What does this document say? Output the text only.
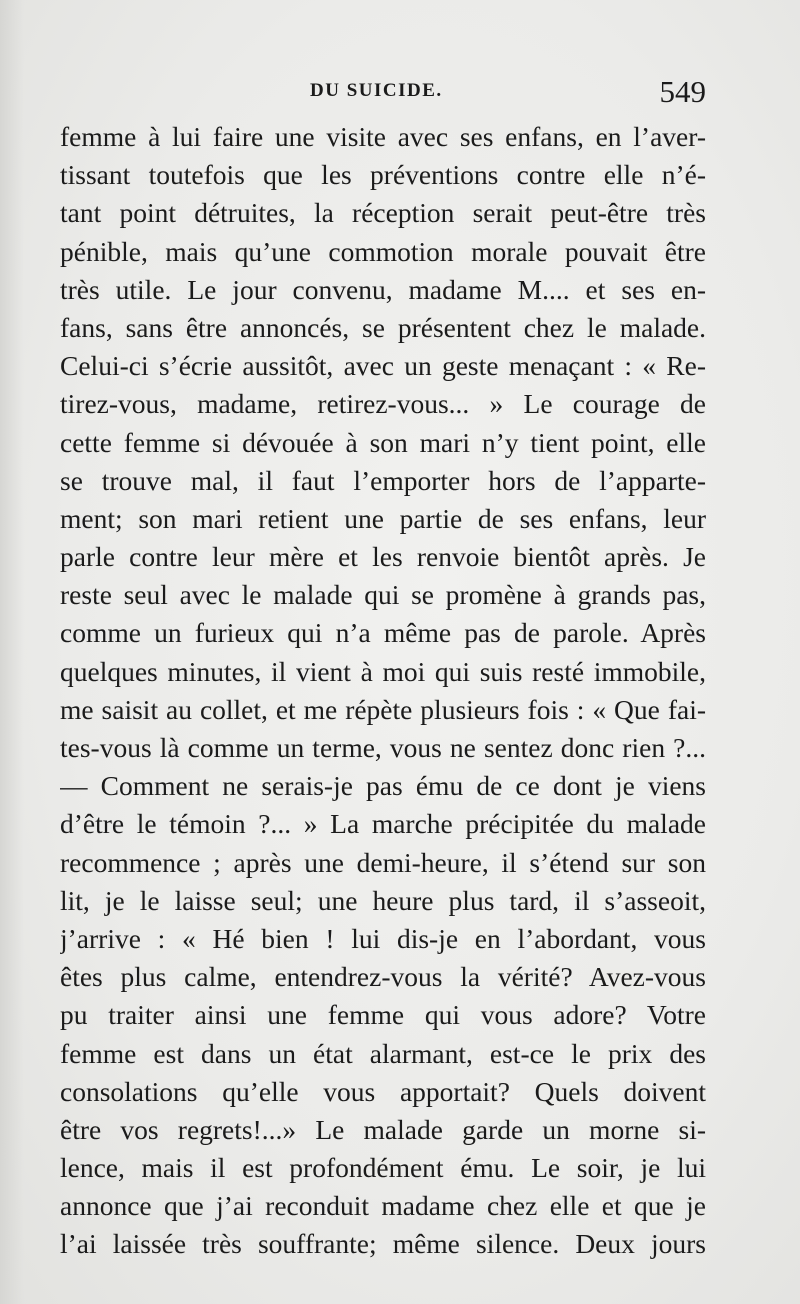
DU SUICIDE.	549
femme à lui faire une visite avec ses enfans, en l’aver-
tissant toutefois que les préventions contre elle n’é-
tant point détruites, la réception serait peut-être très
pénible, mais qu’une commotion morale pouvait être
très utile. Le jour convenu, madame M.... et ses en-
fans, sans être annoncés, se présentent chez le malade.
Celui-ci s’écrie aussitôt, avec un geste menaçant : « Re-
tirez-vous, madame, retirez-vous... » Le courage de
cette femme si dévouée à son mari n’y tient point, elle
se trouve mal, il faut l’emporter hors de l’apparte-
ment; son mari retient une partie de ses enfans, leur
parle contre leur mère et les renvoie bientôt après. Je
reste seul avec le malade qui se promène à grands pas,
comme un furieux qui n’a même pas de parole. Après
quelques minutes, il vient à moi qui suis resté immobile,
me saisit au collet, et me répète plusieurs fois : « Que fai-
tes-vous là comme un terme, vous ne sentez donc rien ?...
— Comment ne serais-je pas ému de ce dont je viens
d’être le témoin ?... » La marche précipitée du malade
recommence ; après une demi-heure, il s’étend sur son
lit, je le laisse seul; une heure plus tard, il s’asseoit,
j’arrive : « Hé bien ! lui dis-je en l’abordant, vous
êtes plus calme, entendrez-vous la vérité? Avez-vous
pu traiter ainsi une femme qui vous adore? Votre
femme est dans un état alarmant, est-ce le prix des
consolations qu’elle vous apportait? Quels doivent
être vos regrets!...» Le malade garde un morne si-
lence, mais il est profondément ému. Le soir, je lui
annonce que j’ai reconduit madame chez elle et que je
l’ai laissée très souffrante; même silence. Deux jours
